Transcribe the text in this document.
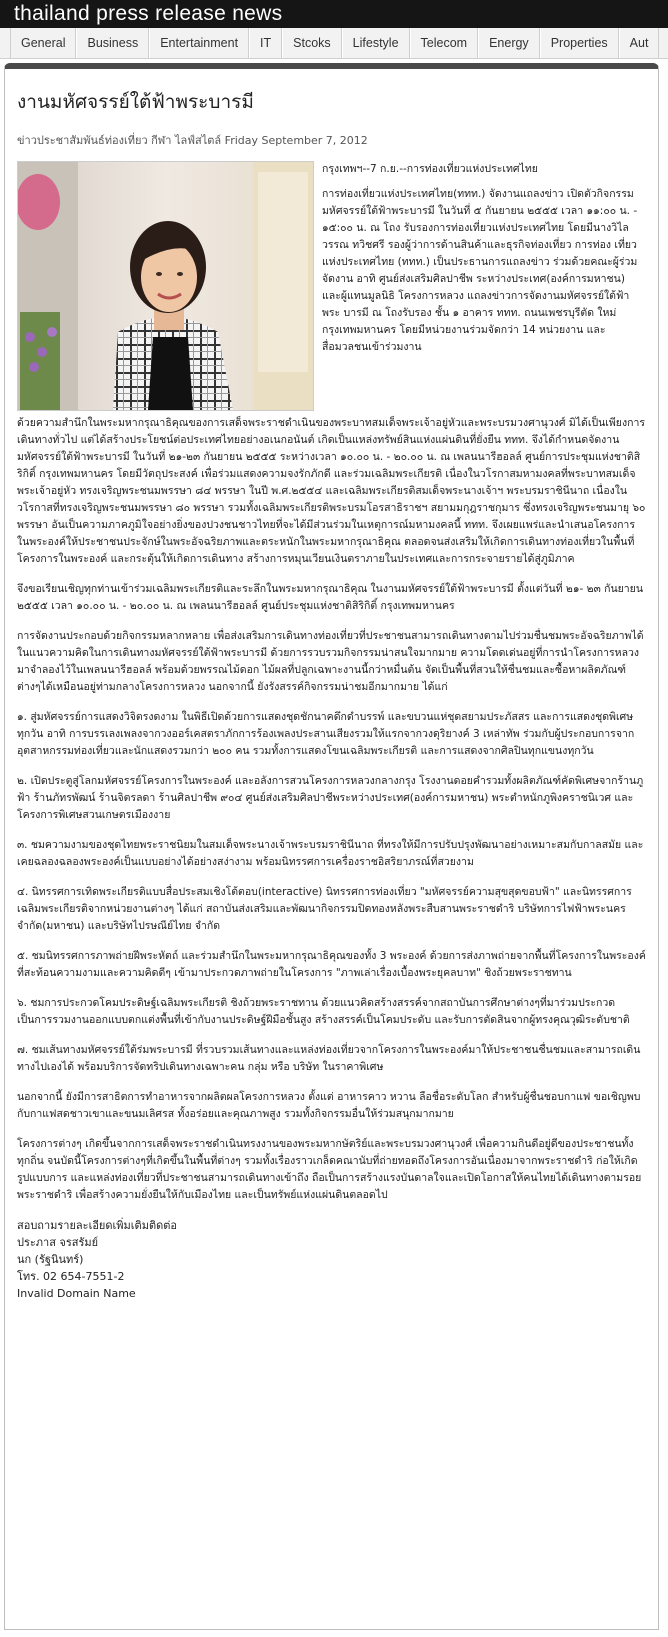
thailand press release news
General	Business	Entertainment	IT	Stcoks	Lifestyle	Telecom	Energy	Properties	Aut
งานมหัศจรรย์ใต้ฟ้าพระบารมี
ข่าวประชาสัมพันธ์ท่องเที่ยว กีฬา ไลฟ์สไตล์ Friday September 7, 2012

กรุงเทพฯ--7 ก.ย.--การท่องเที่ยวแห่งประเทศไทย

การท่องเที่ยวแห่งประเทศไทย(ททท.) จัดงานแถลงข่าว เปิดตัวกิจกรรมมหัศจรรย์ใต้ฟ้าพระบารมี ในวันที่ ๕ กันยายน ๒๕๕๕ เวลา ๑๑:๐๐ น. - ๑๕:๐๐ น. ณ โถง รับรองการท่องเที่ยวแห่งประเทศไทย โดยมีนางวิไลวรรณ ทวิชศรี รองผู้ว่าการด้านสินค้าและธุรกิจท่องเที่ยว การท่อง เที่ยวแห่งประเทศไทย (ททท.) เป็นประธานการแถลงข่าว ร่วมด้วยคณะผู้ร่วมจัดงาน อาทิ ศูนย์ส่งเสริมศิลปาชีพ ระหว่างประเทศ(องค์การมหาชน) และผู้แทนมูลนิธิ โครงการหลวง แถลงข่าวการจัดงานมหัศจรรย์ใต้ฟ้าพระ บารมี ณ โถงรับรอง ชั้น ๑ อาคาร ททท. ถนนเพชรบุรีตัด ใหม่ กรุงเทพมหานคร โดยมีหน่วยงานร่วมจัดกว่า 14 หน่วยงาน และสื่อมวลชนเข้าร่วมงาน

ด้วยความสำนึกในพระมหากรุณาธิคุณของการเสด็จพระราชดำเนินของพระบาทสมเด็จพระเจ้าอยู่หัวและพระบรมวงศานุวงศ์ มิได้เป็นเพียงการเดินทางทั่วไป แต่ได้สร้างประโยชน์ต่อประเทศไทยอย่างอเนกอนันต์ เกิดเป็นแหล่งทรัพย์สินแห่งแผ่นดินที่ยั่งยืน ททท. จึงได้กำหนดจัดงานมหัศจรรย์ใต้ฟ้าพระบารมี ในวันที่ ๒๑-๒๓ กันยายน ๒๕๕๕ ระหว่างเวลา ๑๐.๐๐ น. - ๒๐.๐๐ น. ณ เพลนนารีฮอลล์ ศูนย์การประชุมแห่งชาติสิริกิติ์ กรุงเทพมหานคร โดยมีวัตถุประสงค์ เพื่อร่วมแสดงความจงรักภักดี และร่วมเฉลิมพระเกียรติ เนื่องในวโรกาสมหามงคลที่พระบาทสมเด็จพระเจ้าอยู่หัว ทรงเจริญพระชนมพรรษา ๘๔ พรรษา ในปี พ.ศ.๒๕๕๔ และเฉลิมพระเกียรติสมเด็จพระนางเจ้าฯ พระบรมราชินีนาถ เนื่องในวโรกาสที่ทรงเจริญพระชนมพรรษา ๘๐ พรรษา รวมทั้งเฉลิมพระเกียรติพระบรมโอรสาธิราชฯ สยามมกุฎราชกุมาร ซึ่งทรงเจริญพระชนมายุ ๖๐ พรรษา อันเป็นความภาคภูมิใจอย่างยิ่งของปวงชนชาวไทยที่จะได้มีส่วนร่วมในเหตุการณ์มหามงคลนี้ ททท. จึงเผยแพร่และนำเสนอโครงการในพระองค์ให้ประชาชนประจักษ์ในพระอัจฉริยภาพและตระหนักในพระมหากรุณาธิคุณ ตลอดจนส่งเสริมให้เกิดการเดินทางท่องเที่ยวในพื้นที่โครงการในพระองค์ และกระตุ้นให้เกิดการเดินทาง สร้างการหมุนเวียนเงินตราภายในประเทศและการกระจายรายได้สู่ภูมิภาค

จึงขอเรียนเชิญทุกท่านเข้าร่วมเฉลิมพระเกียรติและระลึกในพระมหากรุณาธิคุณ ในงานมหัศจรรย์ใต้ฟ้าพระบารมี ตั้งแต่วันที่ ๒๑- ๒๓ กันยายน ๒๕๕๕ เวลา ๑๐.๐๐ น. - ๒๐.๐๐ น. ณ เพลนนารีฮอลล์ ศูนย์ประชุมแห่งชาติสิริกิติ์ กรุงเทพมหานคร

การจัดงานประกอบด้วยกิจกรรมหลากหลาย เพื่อส่งเสริมการเดินทางท่องเที่ยวที่ประชาชนสามารถเดินทางตามไปร่วมชื่นชมพระอัจฉริยภาพได้ ในแนวความคิดในการเดินทางมหัศจรรย์ใต้ฟ้าพระบารมี ด้วยการรวบรวมกิจกรรมน่าสนใจมากมาย ความโดดเด่นอยู่ที่การนำโครงการหลวงมาจำลองไว้ในเพลนนารีฮอลล์ พร้อมด้วยพรรณไม้ดอก ไม้ผลที่ปลูกเฉพาะงานนี้กว่าหมื่นต้น จัดเป็นพื้นที่สวนให้ชื่นชมและซื้อหาผลิตภัณฑ์ต่างๆได้เหมือนอยู่ท่ามกลางโครงการหลวง นอกจากนี้ ยังรังสรรค์กิจกรรมน่าชมอีกมากมาย ได้แก่

๑. สู่มหัศจรรย์การแสดงวิจิตรงดงาม ในพิธีเปิดด้วยการแสดงชุดชักนาคดึกดำบรรพ์ และขบวนแห่ชุดสยามประภัสสร และการแสดงชุดพิเศษทุกวัน อาทิ การบรรเลงเพลงจากวงออร์เคสตราภักการร้องเพลงประสานเสียงรวมให้แรกจากวงดุริยางค์ 3 เหล่าทัพ ร่วมกับผู้ประกอบการจากอุตสาหกรรมท่องเที่ยวและนักแสดงรวมกว่า ๒๐๐ คน รวมทั้งการแสดงโขนเฉลิมพระเกียรติ และการแสดงจากศิลปินทุกแขนงทุกวัน

๒. เปิดประตูสู่โลกมหัศจรรย์โครงการในพระองค์ และอลังการสวนโครงการหลวงกลางกรุง โรงงานดอยคำรวมทั้งผลิตภัณฑ์คัดพิเศษจากร้านภูฟ้า ร้านภัทรพัฒน์ ร้านจิตรลดา ร้านศิลปาชีพ ๙๐๔ ศูนย์ส่งเสริมศิลปาชีพระหว่างประเทศ(องค์การมหาชน) พระตำหนักภูพิงคราชนิเวศ และโครงการพิเศษสวนเกษตรเมืองงาย

๓. ชมความงามของชุดไทยพระราชนิยมในสมเด็จพระนางเจ้าพระบรมราชินีนาถ ที่ทรงให้มีการปรับปรุงพัฒนาอย่างเหมาะสมกับกาลสมัย และเคยฉลองฉลองพระองค์เป็นแบบอย่างได้อย่างสง่างาม พร้อมนิทรรศการเครื่องราชอิสริยาภรณ์ที่สวยงาม

๔. นิทรรศการเทิดพระเกียรติแบบสื่อประสมเชิงโต้ตอบ(interactive) นิทรรศการท่องเที่ยว "มหัศจรรย์ความสุขสุดขอบฟ้า" และนิทรรศการเฉลิมพระเกียรติจากหน่วยงานต่างๆ ได้แก่ สถาบันส่งเสริมและพัฒนากิจกรรมปิดทองหลังพระสืบสานพระราชดำริ บริษัทการไฟฟ้าพระนครจำกัด(มหาชน) และบริษัทไปรษณีย์ไทย จำกัด

๕. ชมนิทรรศการภาพถ่ายฝีพระหัตถ์ และร่วมสำนึกในพระมหากรุณาธิคุณของทั้ง 3 พระองค์ ด้วยการส่งภาพถ่ายจากพื้นที่โครงการในพระองค์ ที่สะท้อนความงามและความคิดดีๆ เข้ามาประกวดภาพถ่ายในโครงการ "ภาพเล่าเรื่องเบื้องพระยุคลบาท" ชิงถ้วยพระราชทาน

๖. ชมการประกวดโคมประดิษฐ์เฉลิมพระเกียรติ ชิงถ้วยพระราชทาน ด้วยแนวคิดสร้างสรรค์จากสถาบันการศึกษาต่างๆที่มาร่วมประกวด เป็นการรวมงานออกแบบตกแต่งพื้นที่เข้ากับงานประดิษฐ์ฝีมือชั้นสูง สร้างสรรค์เป็นโคมประดับ และรับการตัดสินจากผู้ทรงคุณวุฒิระดับชาติ

๗. ชมเส้นทางมหัศจรรย์ใต้ร่มพระบารมี ที่รวบรวมเส้นทางและแหล่งท่องเที่ยวจากโครงการในพระองค์มาให้ประชาชนชื่นชมและสามารถเดินทางไปเองได้ พร้อมบริการจัดทริปเดินทางเฉพาะคน กลุ่ม หรือ บริษัท ในราคาพิเศษ

นอกจากนี้ ยังมีการสาธิตการทำอาหารจากผลิตผลโครงการหลวง ตั้งแต่ อาหารคาว หวาน ลือชื่อระดับโลก สำหรับผู้ชื่นชอบกาแฟ ขอเชิญพบกับกาแฟสดชาวเขาและขนมเลิศรส ทั้งอร่อยและคุณภาพสูง รวมทั้งกิจกรรมอื่นให้ร่วมสนุกมากมาย

โครงการต่างๆ เกิดขึ้นจากการเสด็จพระราชดำเนินทรงงานของพระมหากษัตริย์และพระบรมวงศานุวงศ์ เพื่อความกินดีอยู่ดีของประชาชนทั้งทุกถิ่น จนบัดนี้โครงการต่างๆที่เกิดขึ้นในพื้นที่ต่างๆ รวมทั้งเรื่องราวเกล็ดคณานับที่ถ่ายทอดถึงโครงการอันเนื่องมาจากพระราชดำริ ก่อให้เกิดรูปแบบการ และแหล่งท่องเที่ยวที่ประชาชนสามารถเดินทางเข้าถึง ถือเป็นการสร้างแรงบันดาลใจและเปิดโอกาสให้คนไทยได้เดินทางตามรอยพระราชดำริ เพื่อสร้างความยั่งยืนให้กับเมืองไทย และเป็นทรัพย์แห่งแผ่นดินตลอดไป

สอบถามรายละเอียดเพิ่มเติมติดต่อ

ประภาส จรสรัมย์

นก (รัฐนินทร์)

โทร. 02 654-7551-2

Invalid Domain Name
